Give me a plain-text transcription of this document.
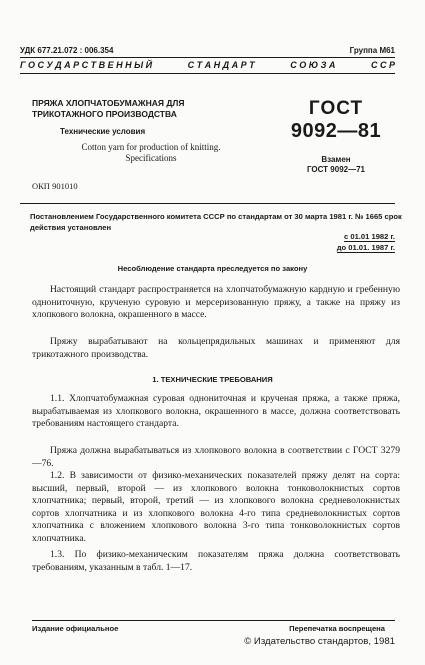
УДК 677.21.072 : 006.354	Группа М61
Г О С У Д А Р С Т В Е Н Н Ы Й	С Т А Н Д А Р Т	С О Ю З А	С С Р
ПРЯЖА ХЛОПЧАТОБУМАЖНАЯ ДЛЯ ТРИКОТАЖНОГО ПРОИЗВОДСТВА
Технические условия
Cotton yarn for production of knitting. Specifications
ОКП 901010
ГОСТ
9092—81
Взамен
ГОСТ 9092—71
Постановлением Государственного комитета СССР по стандартам от 30 марта 1981 г. № 1665 срок действия установлен
с 01.01 1982 г.
до 01.01. 1987 г.
Несоблюдение стандарта преследуется по закону

Настоящий стандарт распространяется на хлопчатобумажную кардную и гребенную однониточную, крученую суровую и мерсеризованную пряжу, а также на пряжу из хлопкового волокна, окрашенного в массе.

Пряжу вырабатывают на кольцепрядильных машинах и применяют для трикотажного производства.

1. ТЕХНИЧЕСКИЕ ТРЕБОВАНИЯ

1.1. Хлопчатобумажная суровая однониточная и крученая пряжа, а также пряжа, вырабатываемая из хлопкового волокна, окрашенного в массе, должна соответствовать требованиям настоящего стандарта.

Пряжа должна вырабатываться из хлопкового волокна в соответствии с ГОСТ 3279—76.

1.2. В зависимости от физико-механических показателей пряжу делят на сорта: высший, первый, второй — из хлопкового волокна тонковолокнистых сортов хлопчатника; первый, второй, третий — из хлопкового волокна средневолокнистых сортов хлопчатника и из хлопкового волокна 4-го типа средневолокнистых сортов хлопчатника с вложением хлопкового волокна 3-го типа тонковолокнистых сортов хлопчатника.

1.3. По физико-механическим показателям пряжа должна соответствовать требованиям, указанным в табл. 1—17.

Издание официальное	Перепечатка воспрещена
© Издательство стандартов, 1981
